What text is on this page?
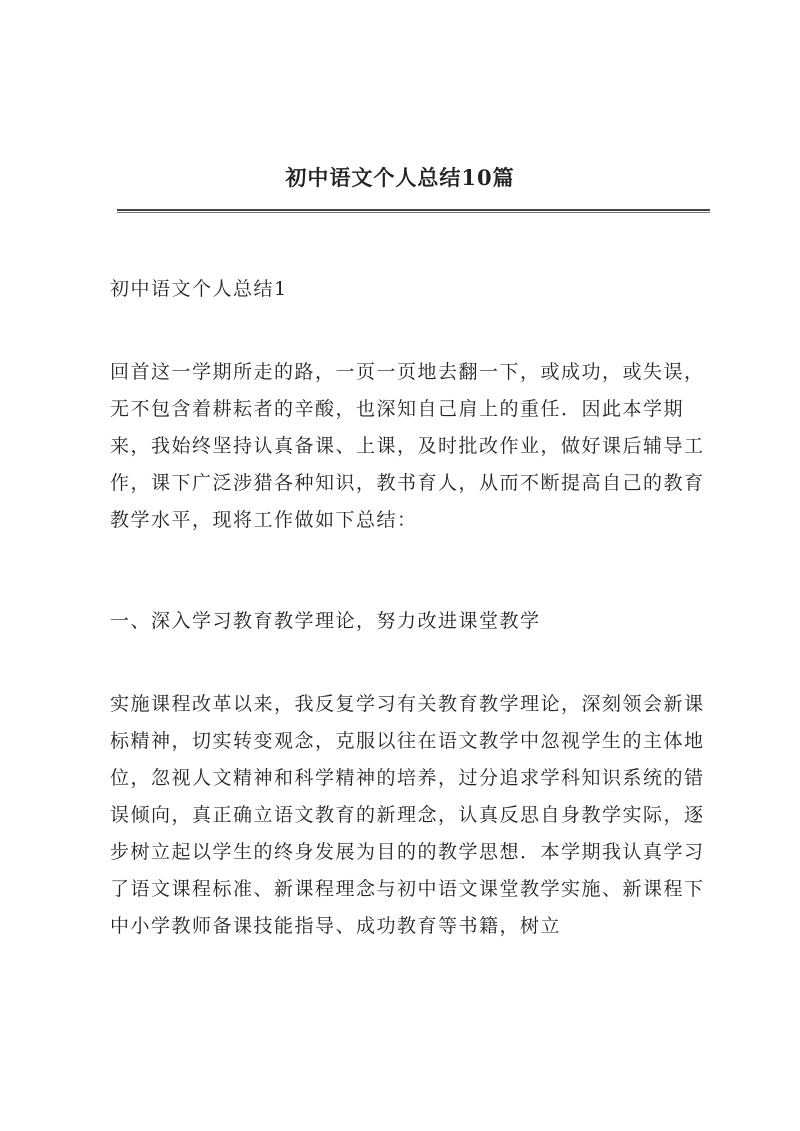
初中语文个人总结10篇

初中语文个人总结1

回首这一学期所走的路，一页一页地去翻一下，或成功，或失误，无不包含着耕耘者的辛酸，也深知自己肩上的重任．因此本学期来，我始终坚持认真备课、上课，及时批改作业，做好课后辅导工作，课下广泛涉猎各种知识，教书育人，从而不断提高自己的教育教学水平，现将工作做如下总结：

一、深入学习教育教学理论，努力改进课堂教学

实施课程改革以来，我反复学习有关教育教学理论，深刻领会新课标精神，切实转变观念，克服以往在语文教学中忽视学生的主体地位，忽视人文精神和科学精神的培养，过分追求学科知识系统的错误倾向，真正确立语文教育的新理念，认真反思自身教学实际，逐步树立起以学生的终身发展为目的的教学思想．本学期我认真学习了语文课程标准、新课程理念与初中语文课堂教学实施、新课程下中小学教师备课技能指导、成功教育等书籍，树立
